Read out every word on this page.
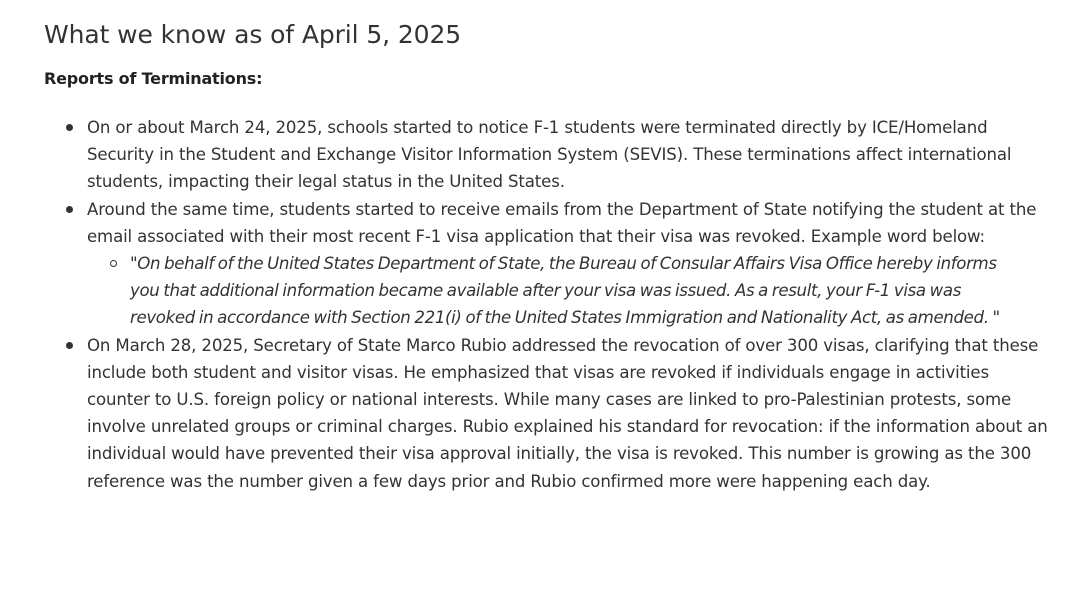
What we know as of April 5, 2025
Reports of Terminations:
On or about March 24, 2025, schools started to notice F-1 students were terminated directly by ICE/Homeland Security in the Student and Exchange Visitor Information System (SEVIS). These terminations affect international students, impacting their legal status in the United States.
Around the same time, students started to receive emails from the Department of State notifying the student at the email associated with their most recent F-1 visa application that their visa was revoked. Example word below:
"On behalf of the United States Department of State, the Bureau of Consular Affairs Visa Office hereby informs you that additional information became available after your visa was issued. As a result, your F-1 visa was revoked in accordance with Section 221(i) of the United States Immigration and Nationality Act, as amended. "
On March 28, 2025, Secretary of State Marco Rubio addressed the revocation of over 300 visas, clarifying that these include both student and visitor visas. He emphasized that visas are revoked if individuals engage in activities counter to U.S. foreign policy or national interests. While many cases are linked to pro-Palestinian protests, some involve unrelated groups or criminal charges. Rubio explained his standard for revocation: if the information about an individual would have prevented their visa approval initially, the visa is revoked. This number is growing as the 300 reference was the number given a few days prior and Rubio confirmed more were happening each day.
